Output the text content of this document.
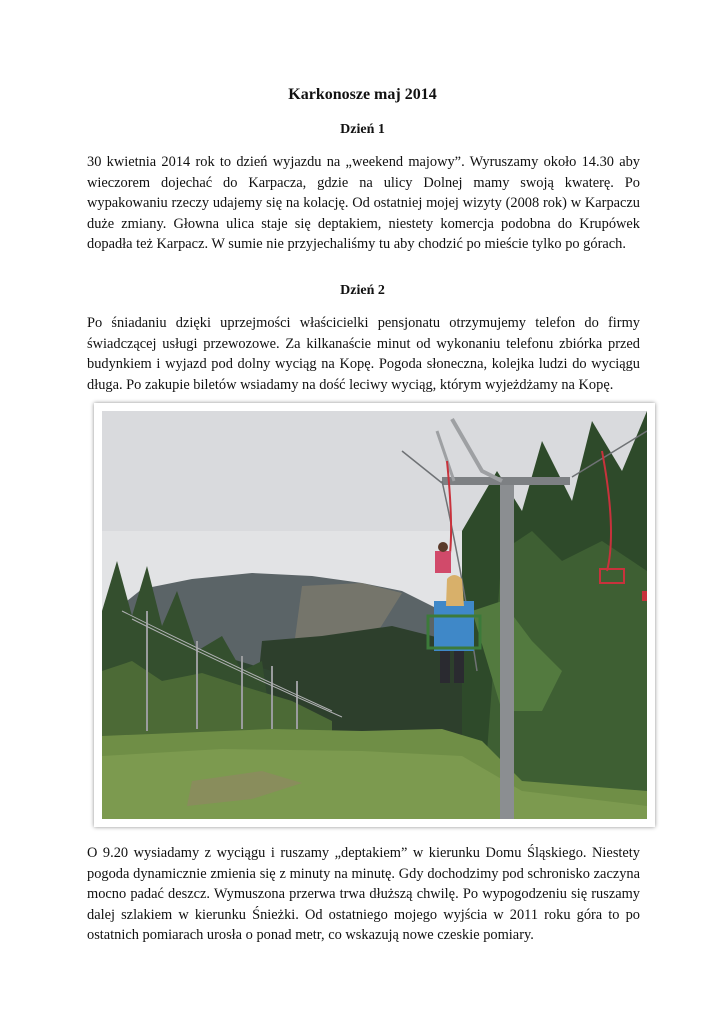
Karkonosze maj 2014
Dzień 1
30 kwietnia 2014 rok to dzień wyjazdu na „weekend majowy”. Wyruszamy około 14.30 aby wieczorem dojechać do Karpacza, gdzie na ulicy Dolnej mamy swoją kwaterę. Po wypakowaniu rzeczy udajemy się na kolację. Od ostatniej mojej wizyty (2008 rok) w Karpaczu duże zmiany. Głowna ulica staje się deptakiem, niestety komercja podobna do Krupówek dopadła też Karpacz. W sumie nie przyjechaliśmy tu aby chodzić po mieście tylko po górach.
Dzień 2
Po śniadaniu dzięki uprzejmości właścicielki pensjonatu otrzymujemy telefon do firmy świadczącej usługi przewozowe. Za kilkanaście minut od wykonaniu telefonu zbiórka przed budynkiem i wyjazd pod dolny wyciąg na Kopę. Pogoda słoneczna, kolejka ludzi do wyciągu długa. Po zakupie biletów wsiadamy na dość leciwy wyciąg, którym wyjeżdżamy na Kopę.
O 9.20 wysiadamy z wyciągu i ruszamy „deptakiem” w kierunku Domu Śląskiego. Niestety pogoda dynamicznie zmienia się z minuty na minutę. Gdy dochodzimy pod schronisko zaczyna mocno padać deszcz. Wymuszona przerwa trwa dłuższą chwilę. Po wypogodzeniu się ruszamy dalej szlakiem w kierunku Śnieżki. Od ostatniego mojego wyjścia w 2011 roku góra to po ostatnich pomiarach urosła o ponad metr, co wskazują nowe czeskie pomiary.
